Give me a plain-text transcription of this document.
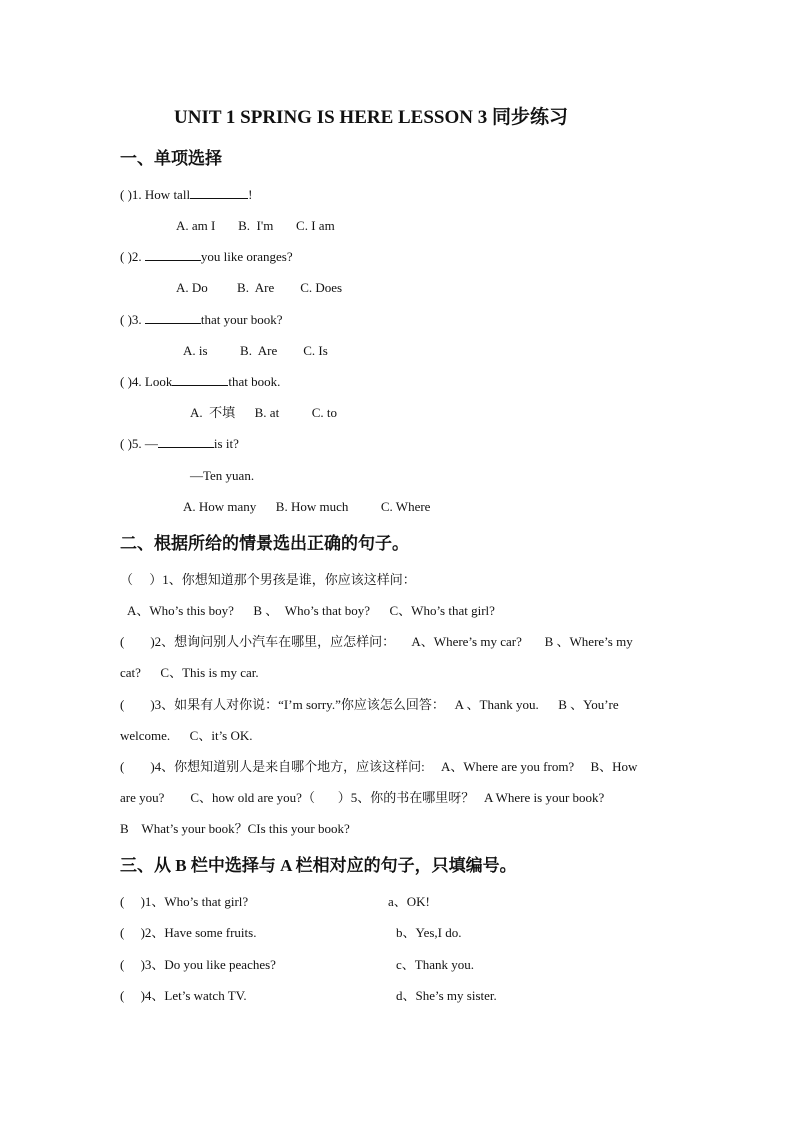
UNIT 1 SPRING IS HERE LESSON 3 同步练习
一、单项选择
( )1. How tall	!
A. am I       B.  I'm       C. I am
( )2.	you like oranges?
A. Do         B.  Are        C. Does
( )3.	that your book?
A. is          B.  Are        C. Is
( )4. Look	that book.
A.  不填      B. at          C. to
( )5. —	is it?
—Ten yuan.
A. How many      B. How much          C. Where
二、根据所给的情景选出正确的句子。
（     ）1、你想知道那个男孩是谁，你应该这样问：
A、Who’s this boy?      B 、  Who’s that boy?      C、Who’s that girl?
(        )2、想询问别人小汽车在哪里，应怎样问：     A、Where’s my car?       B 、Where’s my
cat?      C、This is my car.
(        )3、如果有人对你说：“I’m sorry.”你应该怎么回答：   A 、Thank you.      B 、You’re
welcome.      C、it’s OK.
(        )4、你想知道别人是来自哪个地方，应该这样问:     A、Where are you from?     B、How
are you?        C、how old are you?（       ）5、你的书在哪里呀？   A Where is your book?
B    What’s your book？CIs this your book?
三、从 B 栏中选择与 A 栏相对应的句子，只填编号。
(     )1、Who’s that girl?	a、OK!
(     )2、Have some fruits.	b、Yes,I do.
(     )3、Do you like peaches?	c、Thank you.
(     )4、Let’s watch TV.	d、She’s my sister.
